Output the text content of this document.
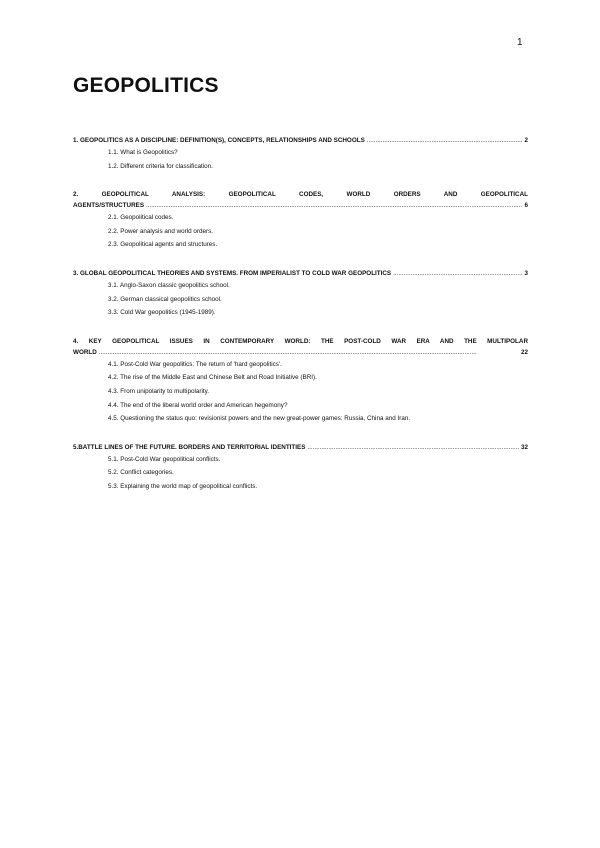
1
GEOPOLITICS
1. GEOPOLITICS AS A DISCIPLINE: DEFINITION(S), CONCEPTS, RELATIONSHIPS AND SCHOOLS .....	2
1.1. What is Geopolitics?
1.2. Different criteria for classification.
2. GEOPOLITICAL ANALYSIS: GEOPOLITICAL CODES, WORLD ORDERS AND GEOPOLITICAL
AGENTS/STRUCTURES .....	6
2.1. Geopolitical codes.
2.2. Power analysis and world orders.
2.3. Geopolitical agents and structures.
3. GLOBAL GEOPOLITICAL THEORIES AND SYSTEMS. FROM IMPERIALIST TO COLD WAR GEOPOLITICS .....	3
3.1. Anglo-Saxon classic geopolitics school.
3.2. German classical geopolitics school.
3.3. Cold War geopolitics (1945-1989).
4. KEY GEOPOLITICAL ISSUES IN CONTEMPORARY WORLD: THE POST-COLD WAR ERA AND THE MULTIPOLAR
WORLD .....	22
4.1. Post-Cold War geopolitics: The return of 'hard geopolitics'.
4.2. The rise of the Middle East and Chinese Belt and Road Initiative (BRI).
4.3. From unipolarity to multipolarity.
4.4. The end of the liberal world order and American hegemony?
4.5. Questioning the status quo: revisionist powers and the new great-power games: Russia, China and Iran.
5.BATTLE LINES OF THE FUTURE. BORDERS AND TERRITORIAL IDENTITIES .....	32
5.1. Post-Cold War geopolitical conflicts.
5.2. Conflict categories.
5.3. Explaining the world map of geopolitical conflicts.
